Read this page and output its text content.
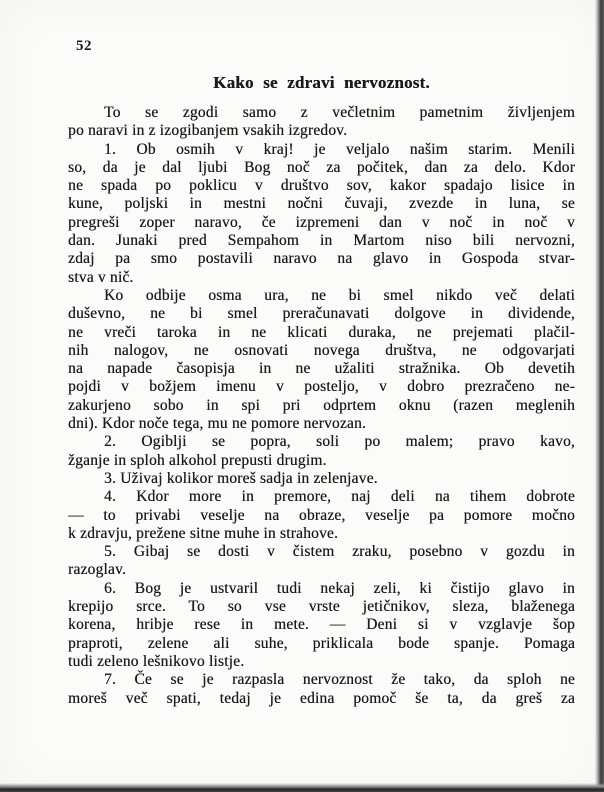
52
Kako se zdravi nervoznost.
To se zgodi samo z večletnim pametnim življenjem
po naravi in z izogibanjem vsakih izgredov.
1. Ob osmih v kraj! je veljalo našim starim. Menili
so, da je dal ljubi Bog noč za počitek, dan za delo. Kdor
ne spada po poklicu v društvo sov, kakor spadajo lisice in
kune, poljski in mestni nočni čuvaji, zvezde in luna, se
pregreši zoper naravo, če izpremeni dan v noč in noč v
dan. Junaki pred Sempahom in Martom niso bili nervozni,
zdaj pa smo postavili naravo na glavo in Gospoda stvar-
stva v nič.
Ko odbije osma ura, ne bi smel nikdo več delati
duševno, ne bi smel preračunavati dolgove in dividende,
ne vreči taroka in ne klicati duraka, ne prejemati plačil-
nih nalogov, ne osnovati novega društva, ne odgovarjati
na napade časopisja in ne užaliti stražnika. Ob devetih
pojdi v božjem imenu v posteljo, v dobro prezračeno ne-
zakurjeno sobo in spi pri odprtem oknu (razen meglenih
dni). Kdor noče tega, mu ne pomore nervozan.
2. Ogiblji se popra, soli po malem; pravo kavo,
žganje in sploh alkohol prepusti drugim.
3. Uživaj kolikor moreš sadja in zelenjave.
4. Kdor more in premore, naj deli na tihem dobrote
— to privabi veselje na obraze, veselje pa pomore močno
k zdravju, prežene sitne muhe in strahove.
5. Gibaj se dosti v čistem zraku, posebno v gozdu in
razoglav.
6. Bog je ustvaril tudi nekaj zeli, ki čistijo glavo in
krepijo srce. To so vse vrste jetičnikov, sleza, blaženega
korena, hribje rese in mete. — Deni si v vzglavje šop
praproti, zelene ali suhe, priklicala bode spanje. Pomaga
tudi zeleno lešnikovo listje.
7. Če se je razpasla nervoznost že tako, da sploh ne
moreš več spati, tedaj je edina pomoč še ta, da greš za
